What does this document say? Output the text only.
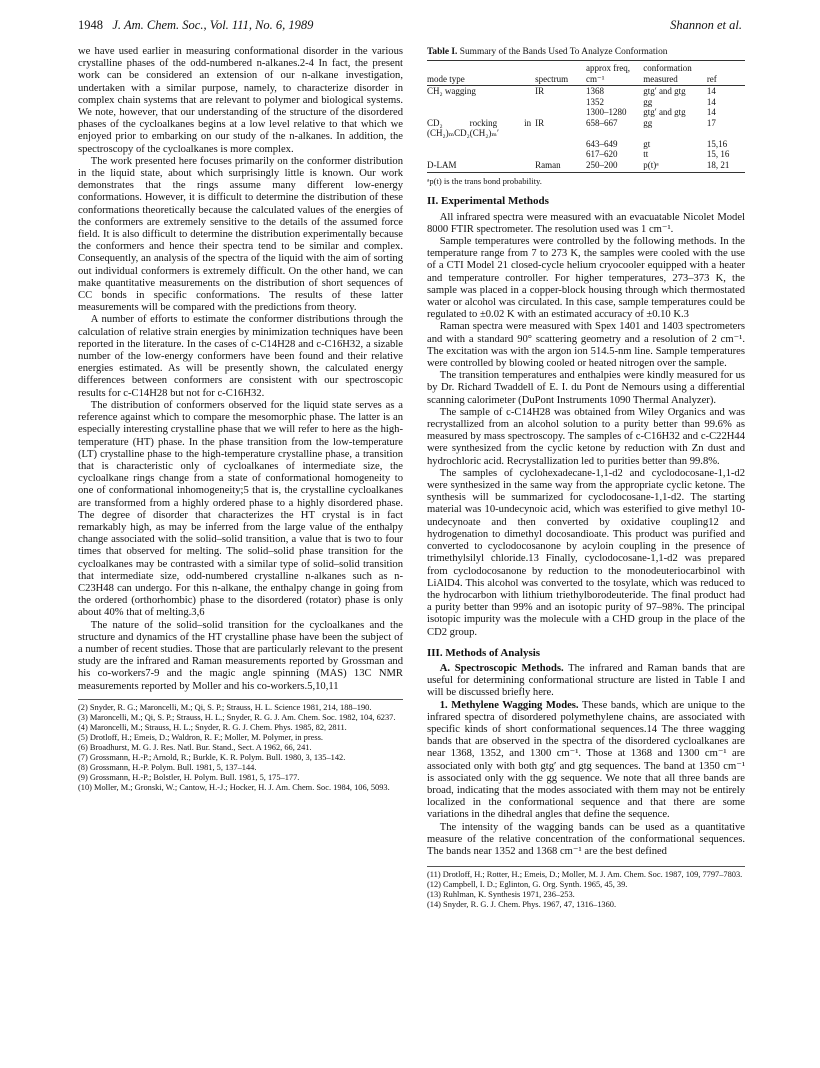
1948 J. Am. Chem. Soc., Vol. 111, No. 6, 1989	Shannon et al.

we have used earlier in measuring conformational disorder in the various crystalline phases of the odd-numbered n-alkanes.2-4 In fact, the present work can be considered an extension of our n-alkane investigation, undertaken with a similar purpose, namely, to characterize disorder in complex chain systems that are relevant to polymer and biological systems. We note, however, that our understanding of the structure of the disordered phases of the cycloalkanes begins at a low level relative to that which we enjoyed prior to embarking on our study of the n-alkanes. In addition, the spectroscopy of the cycloalkanes is more complex.

The work presented here focuses primarily on the conformer distribution in the liquid state, about which surprisingly little is known. Our work demonstrates that the rings assume many different low-energy conformations. However, it is difficult to determine the distribution of these conformations theoretically because the calculated values of the energies of the conformers are extremely sensitive to the details of the assumed force field. It is also difficult to determine the distribution experimentally because the conformers and hence their spectra tend to be similar and complex. Consequently, an analysis of the spectra of the liquid with the aim of sorting out individual conformers is extremely difficult. On the other hand, we can make quantitative measurements on the distribution of short sequences of CC bonds in specific conformations. The results of these latter measurements will be compared with the predictions from theory.

A number of efforts to estimate the conformer distributions through the calculation of relative strain energies by minimization techniques have been reported in the literature. In the cases of c-C14H28 and c-C16H32, a sizable number of the low-energy conformers have been found and their relative energies estimated. As will be presently shown, the calculated energy differences between conformers are consistent with our spectroscopic results for c-C14H28 but not for c-C16H32.

The distribution of conformers observed for the liquid state serves as a reference against which to compare the mesomorphic phase. The latter is an especially interesting crystalline phase that we will refer to here as the high-temperature (HT) phase. In the phase transition from the low-temperature (LT) crystalline phase to the high-temperature crystalline phase, a transition that is characteristic only of cycloalkanes of intermediate size, the cycloalkane rings change from a state of conformational homogeneity to one of conformational inhomogeneity;5 that is, the crystalline cycloalkanes are transformed from a highly ordered phase to a highly disordered phase. The degree of disorder that characterizes the HT crystal is in fact remarkably high, as may be inferred from the large value of the enthalpy change associated with the solid–solid transition, a value that is two to four times that observed for melting. The solid–solid phase transition for the cycloalkanes may be contrasted with a similar type of solid–solid transition that intermediate size, odd-numbered crystalline n-alkanes such as n-C23H48 can undergo. For this n-alkane, the enthalpy change in going from the ordered (orthorhombic) phase to the disordered (rotator) phase is only about 40% that of melting.3,6

The nature of the solid–solid transition for the cycloalkanes and the structure and dynamics of the HT crystalline phase have been the subject of a number of recent studies. Those that are particularly relevant to the present study are the infrared and Raman measurements reported by Grossman and his co-workers7-9 and the magic angle spinning (MAS) 13C NMR measurements reported by Moller and his co-workers.5,10,11

(2) Snyder, R. G.; Maroncelli, M.; Qi, S. P.; Strauss, H. L. Science 1981, 214, 188–190.

(3) Maroncelli, M.; Qi, S. P.; Strauss, H. L.; Snyder, R. G. J. Am. Chem. Soc. 1982, 104, 6237.

(4) Maroncelli, M.; Strauss, H. L.; Snyder, R. G. J. Chem. Phys. 1985, 82, 2811.

(5) Drotloff, H.; Emeis, D.; Waldron, R. F.; Moller, M. Polymer, in press.

(6) Broadhurst, M. G. J. Res. Natl. Bur. Stand., Sect. A 1962, 66, 241.

(7) Grossmann, H.-P.; Arnold, R.; Burkle, K. R. Polym. Bull. 1980, 3, 135–142.

(8) Grossmann, H.-P. Polym. Bull. 1981, 5, 137–144.

(9) Grossmann, H.-P.; Bolstler, H. Polym. Bull. 1981, 5, 175–177.

(10) Moller, M.; Gronski, W.; Cantow, H.-J.; Hocker, H. J. Am. Chem. Soc. 1984, 106, 5093.

Table I. Summary of the Bands Used To Analyze Conformation
mode type	spectrum	approx freq, cm⁻¹	conformation measured	ref
CH₂ wagging	IR	1368	gtg′ and gtg	14
		1352	gg	14
		1300–1280	gtg′ and gtg	14
CD₂ rocking in (CH₂)ₘCD₂(CH₂)ₘ′	IR	658–667	gg	17
		643–649	gt	15,16
		617–620	tt	15, 16
D-LAM	Raman	250–200	p(t)ᵃ	18, 21
ᵃp(t) is the trans bond probability.
II. Experimental Methods

All infrared spectra were measured with an evacuatable Nicolet Model 8000 FTIR spectrometer. The resolution used was 1 cm⁻¹.

Sample temperatures were controlled by the following methods. In the temperature range from 7 to 273 K, the samples were cooled with the use of a CTI Model 21 closed-cycle helium cryocooler equipped with a heater and temperature controller. For higher temperatures, 273–373 K, the sample was placed in a copper-block housing through which thermostated water or alcohol was circulated. In this case, sample temperatures could be regulated to ±0.02 K with an estimated accuracy of ±0.10 K.3

Raman spectra were measured with Spex 1401 and 1403 spectrometers and with a standard 90° scattering geometry and a resolution of 2 cm⁻¹. The excitation was with the argon ion 514.5-nm line. Sample temperatures were controlled by blowing cooled or heated nitrogen over the sample.

The transition temperatures and enthalpies were kindly measured for us by Dr. Richard Twaddell of E. I. du Pont de Nemours using a differential scanning calorimeter (DuPont Instruments 1090 Thermal Analyzer).

The sample of c-C14H28 was obtained from Wiley Organics and was recrystallized from an alcohol solution to a purity better than 99.6% as measured by mass spectroscopy. The samples of c-C16H32 and c-C22H44 were synthesized from the cyclic ketone by reduction with Zn dust and hydrochloric acid. Recrystallization led to purities better than 99.8%.

The samples of cyclohexadecane-1,1-d2 and cyclodocosane-1,1-d2 were synthesized in the same way from the appropriate cyclic ketone. The synthesis will be summarized for cyclodocosane-1,1-d2. The starting material was 10-undecynoic acid, which was esterified to give methyl 10-undecynoate and then converted by oxidative coupling12 and hydrogenation to dimethyl docosandioate. This product was purified and converted to cyclodocosanone by acyloin coupling in the presence of trimethylsilyl chloride.13 Finally, cyclodocosane-1,1-d2 was prepared from cyclodocosanone by reduction to the monodeuteriocarbinol with LiAlD4. This alcohol was converted to the tosylate, which was reduced to the hydrocarbon with lithium triethylborodeuteride. The final product had a purity better than 99% and an isotopic purity of 97–98%. The principal isotopic impurity was the molecule with a CHD group in the place of the CD2 group.

III. Methods of Analysis

A. Spectroscopic Methods. The infrared and Raman bands that are useful for determining conformational structure are listed in Table I and will be discussed briefly here.

1. Methylene Wagging Modes. These bands, which are unique to the infrared spectra of disordered polymethylene chains, are associated with specific kinds of short conformational sequences.14 The three wagging bands that are observed in the spectra of the disordered cycloalkanes are near 1368, 1352, and 1300 cm⁻¹. Those at 1368 and 1300 cm⁻¹ are associated only with both gtg′ and gtg sequences. The band at 1350 cm⁻¹ is associated only with the gg sequence. We note that all three bands are broad, indicating that the modes associated with them may not be entirely localized in the conformational sequence and that there are some variations in the dihedral angles that define the sequence.

The intensity of the wagging bands can be used as a quantitative measure of the relative concentration of the conformational sequences. The bands near 1352 and 1368 cm⁻¹ are the best defined

(11) Drotloff, H.; Rotter, H.; Emeis, D.; Moller, M. J. Am. Chem. Soc. 1987, 109, 7797–7803.

(12) Campbell, I. D.; Eglinton, G. Org. Synth. 1965, 45, 39.

(13) Ruhlman, K. Synthesis 1971, 236–253.

(14) Snyder, R. G. J. Chem. Phys. 1967, 47, 1316–1360.
